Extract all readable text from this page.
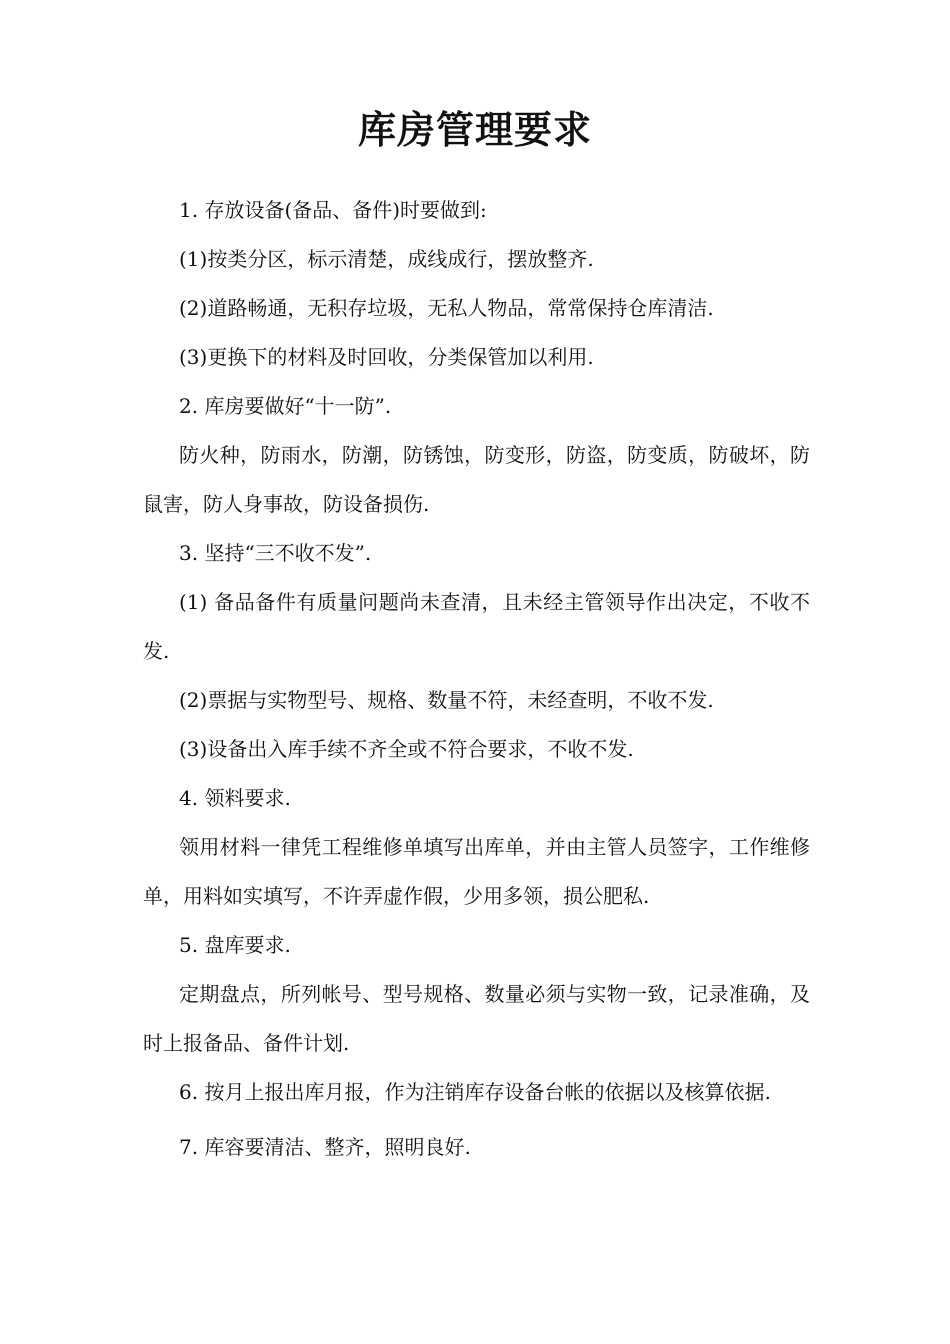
库房管理要求

1. 存放设备(备品、备件)时要做到:

(1)按类分区，标示清楚，成线成行，摆放整齐.

(2)道路畅通，无积存垃圾，无私人物品，常常保持仓库清洁.

(3)更换下的材料及时回收，分类保管加以利用.

2. 库房要做好“十一防”.

防火种，防雨水，防潮，防锈蚀，防变形，防盗，防变质，防破坏，防鼠害，防人身事故，防设备损伤.

3. 坚持“三不收不发”.

(1) 备品备件有质量问题尚未查清，且未经主管领导作出决定，不收不发.

(2)票据与实物型号、规格、数量不符，未经查明，不收不发.

(3)设备出入库手续不齐全或不符合要求，不收不发.

4. 领料要求.

领用材料一律凭工程维修单填写出库单，并由主管人员签字，工作维修单，用料如实填写，不许弄虚作假，少用多领，损公肥私.

5. 盘库要求.

定期盘点，所列帐号、型号规格、数量必须与实物一致，记录准确，及时上报备品、备件计划.

6. 按月上报出库月报，作为注销库存设备台帐的依据以及核算依据.

7. 库容要清洁、整齐，照明良好.
